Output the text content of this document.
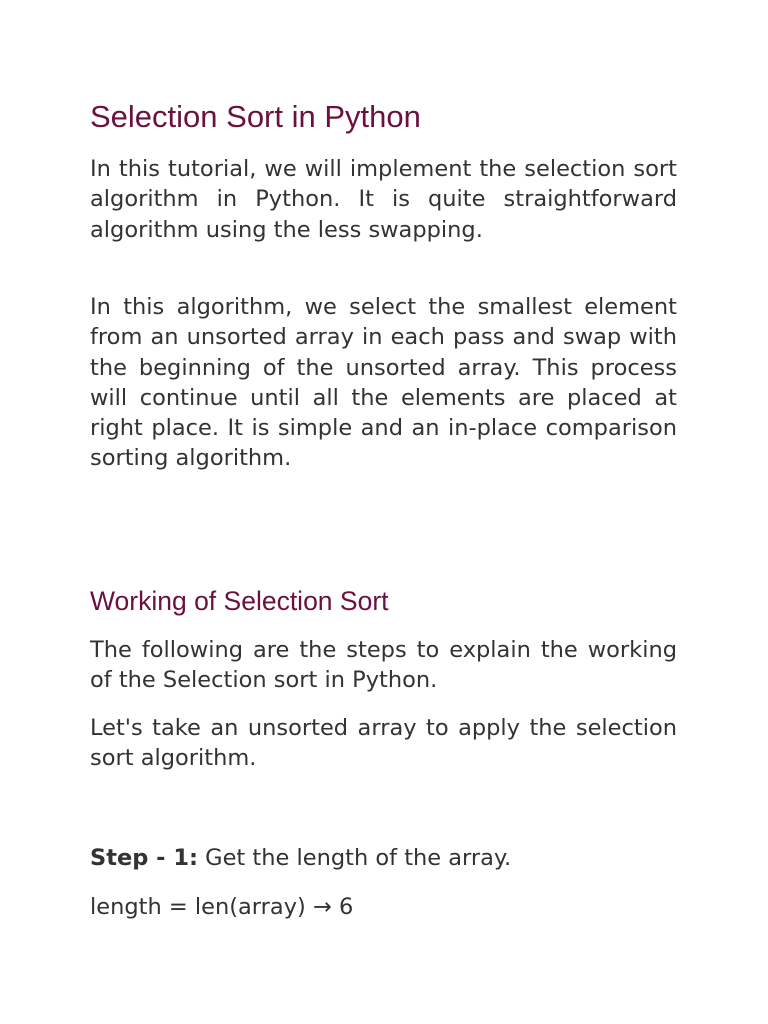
Selection Sort in Python

In this tutorial, we will implement the selection sort algorithm in Python. It is quite straightforward algorithm using the less swapping.

In this algorithm, we select the smallest element from an unsorted array in each pass and swap with the beginning of the unsorted array. This process will continue until all the elements are placed at right place. It is simple and an in-place comparison sorting algorithm.

Working of Selection Sort

The following are the steps to explain the working of the Selection sort in Python.

Let's take an unsorted array to apply the selection sort algorithm.

Step - 1: Get the length of the array.

length = len(array) → 6
